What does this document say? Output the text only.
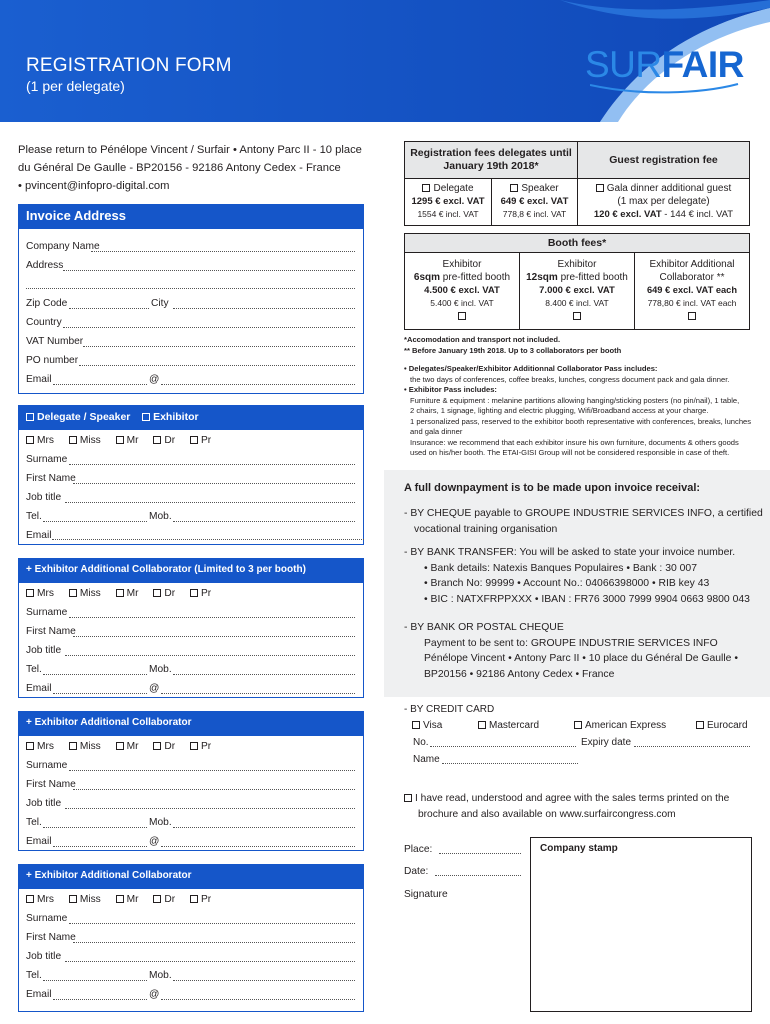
REGISTRATION FORM
(1 per delegate)
SURFAIR
Please return to Pénélope Vincent / Surfair • Antony Parc II - 10 place
du Général De Gaulle - BP20156 - 92186 Antony Cedex - France
• pvincent@infopro-digital.com
Invoice Address
Company Name
Address
Zip Code	City
Country
VAT Number
PO number
Email	@
Delegate / Speaker Exhibitor
Mrs	Miss	Mr	Dr	Pr
Surname
First Name
Job title
Tel.	Mob.
Email
+ Exhibitor Additional Collaborator (Limited to 3 per booth)
Mrs	Miss	Mr	Dr	Pr
Surname
First Name
Job title
Tel.	Mob.
Email	@
+ Exhibitor Additional Collaborator
Mrs	Miss	Mr	Dr	Pr
Surname
First Name
Job title
Tel.	Mob.
Email	@
+ Exhibitor Additional Collaborator
Mrs	Miss	Mr	Dr	Pr
Surname
First Name
Job title
Tel.	Mob.
Email	@
Registration fees delegates until January 19th 2018*
Guest registration fee
Delegate
1295 € excl. VAT
1554 € incl. VAT
Speaker
649 € excl. VAT
778,8 € incl. VAT
Gala dinner additional guest
(1 max per delegate)
120 € excl. VAT - 144 € incl. VAT
Booth fees*
Exhibitor
6sqm pre-fitted booth
4.500 € excl. VAT
5.400 € incl. VAT
Exhibitor
12sqm pre-fitted booth
7.000 € excl. VAT
8.400 € incl. VAT
Exhibitor Additional
Collaborator **
649 € excl. VAT each
778,80 € incl. VAT each
*Accomodation and transport not included.
** Before January 19th 2018. Up to 3 collaborators per booth
• Delegates/Speaker/Exhibitor Additionnal Collaborator Pass includes:
the two days of conferences, coffee breaks, lunches, congress document pack and gala dinner.
• Exhibitor Pass includes:
Furniture & equipment : melanine partitions allowing hanging/sticking posters (no pin/nail), 1 table,
2 chairs, 1 signage, lighting and electric plugging, Wifi/Broadband access at your charge.
1 personalized pass, reserved to the exhibitor booth representative with conferences, breaks, lunches
and gala dinner
Insurance: we recommend that each exhibitor insure his own furniture, documents & others goods
used on his/her booth. The ETAI-GISI Group will not be considered responsible in case of theft.
A full downpayment is to be made upon invoice receival:
- BY CHEQUE payable to GROUPE INDUSTRIE SERVICES INFO, a certified
vocational training organisation
- BY BANK TRANSFER: You will be asked to state your invoice number.
• Bank details: Natexis Banques Populaires • Bank : 30 007
• Branch No: 99999 • Account No.: 04066398000 • RIB key 43
• BIC : NATXFRPPXXX • IBAN : FR76 3000 7999 9904 0663 9800 043
- BY BANK OR POSTAL CHEQUE
Payment to be sent to: GROUPE INDUSTRIE SERVICES INFO
Pénélope Vincent • Antony Parc II • 10 place du Général De Gaulle •
BP20156 • 92186 Antony Cedex • France
- BY CREDIT CARD
Visa	Mastercard	American Express	Eurocard
No.	Expiry date
Name
I have read, understood and agree with the sales terms printed on the
brochure and also available on www.surfaircongress.com
Place:
Date:
Signature
Company stamp
